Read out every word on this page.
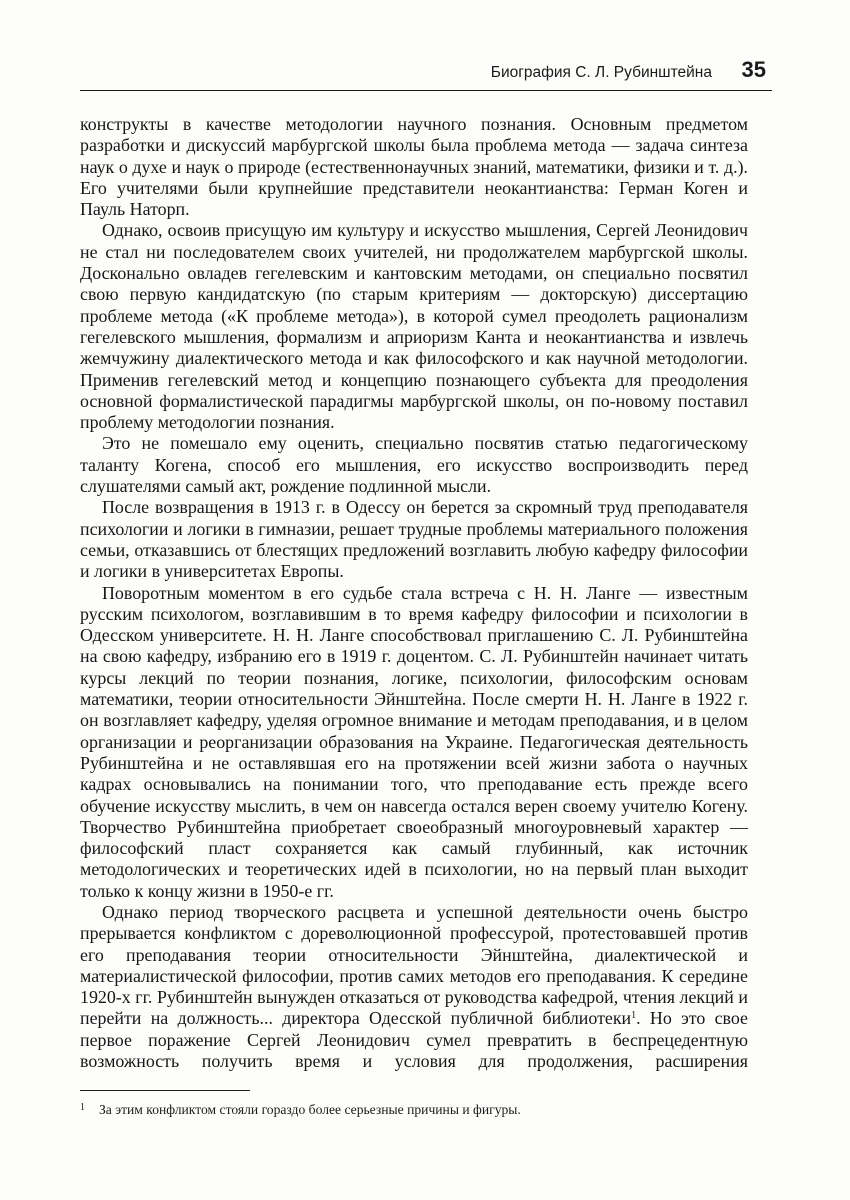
Биография С. Л. Рубинштейна 35

конструкты в качестве методологии научного познания. Основным предметом разработки и дискуссий марбургской школы была проблема метода — задача синтеза наук о духе и наук о природе (естественнонаучных знаний, математики, физики и т. д.). Его учителями были крупнейшие представители неокантианства: Герман Коген и Пауль Наторп.

Однако, освоив присущую им культуру и искусство мышления, Сергей Леонидович не стал ни последователем своих учителей, ни продолжателем марбургской школы. Досконально овладев гегелевским и кантовским методами, он специально посвятил свою первую кандидатскую (по старым критериям — докторскую) диссертацию проблеме метода («К проблеме метода»), в которой сумел преодолеть рационализм гегелевского мышления, формализм и априоризм Канта и неокантианства и извлечь жемчужину диалектического метода и как философского и как научной методологии. Применив гегелевский метод и концепцию познающего субъекта для преодоления основной формалистической парадигмы марбургской школы, он по-новому поставил проблему методологии познания.

Это не помешало ему оценить, специально посвятив статью педагогическому таланту Когена, способ его мышления, его искусство воспроизводить перед слушателями самый акт, рождение подлинной мысли.

После возвращения в 1913 г. в Одессу он берется за скромный труд преподавателя психологии и логики в гимназии, решает трудные проблемы материального положения семьи, отказавшись от блестящих предложений возглавить любую кафедру философии и логики в университетах Европы.

Поворотным моментом в его судьбе стала встреча с Н. Н. Ланге — известным русским психологом, возглавившим в то время кафедру философии и психологии в Одесском университете. Н. Н. Ланге способствовал приглашению С. Л. Рубинштейна на свою кафедру, избранию его в 1919 г. доцентом. С. Л. Рубинштейн начинает читать курсы лекций по теории познания, логике, психологии, философским основам математики, теории относительности Эйнштейна. После смерти Н. Н. Ланге в 1922 г. он возглавляет кафедру, уделяя огромное внимание и методам преподавания, и в целом организации и реорганизации образования на Украине. Педагогическая деятельность Рубинштейна и не оставлявшая его на протяжении всей жизни забота о научных кадрах основывались на понимании того, что преподавание есть прежде всего обучение искусству мыслить, в чем он навсегда остался верен своему учителю Когену. Творчество Рубинштейна приобретает своеобразный многоуровневый характер — философский пласт сохраняется как самый глубинный, как источник методологических и теоретических идей в психологии, но на первый план выходит только к концу жизни в 1950-е гг.

Однако период творческого расцвета и успешной деятельности очень быстро прерывается конфликтом с дореволюционной профессурой, протестовавшей против его преподавания теории относительности Эйнштейна, диалектической и материалистической философии, против самих методов его преподавания. К середине 1920-х гг. Рубинштейн вынужден отказаться от руководства кафедрой, чтения лекций и перейти на должность... директора Одесской публичной библиотеки$^1$. Но это свое первое поражение Сергей Леонидович сумел превратить в беспрецедентную возможность получить время и условия для продолжения, расширения

1 За этим конфликтом стояли гораздо более серьезные причины и фигуры.
